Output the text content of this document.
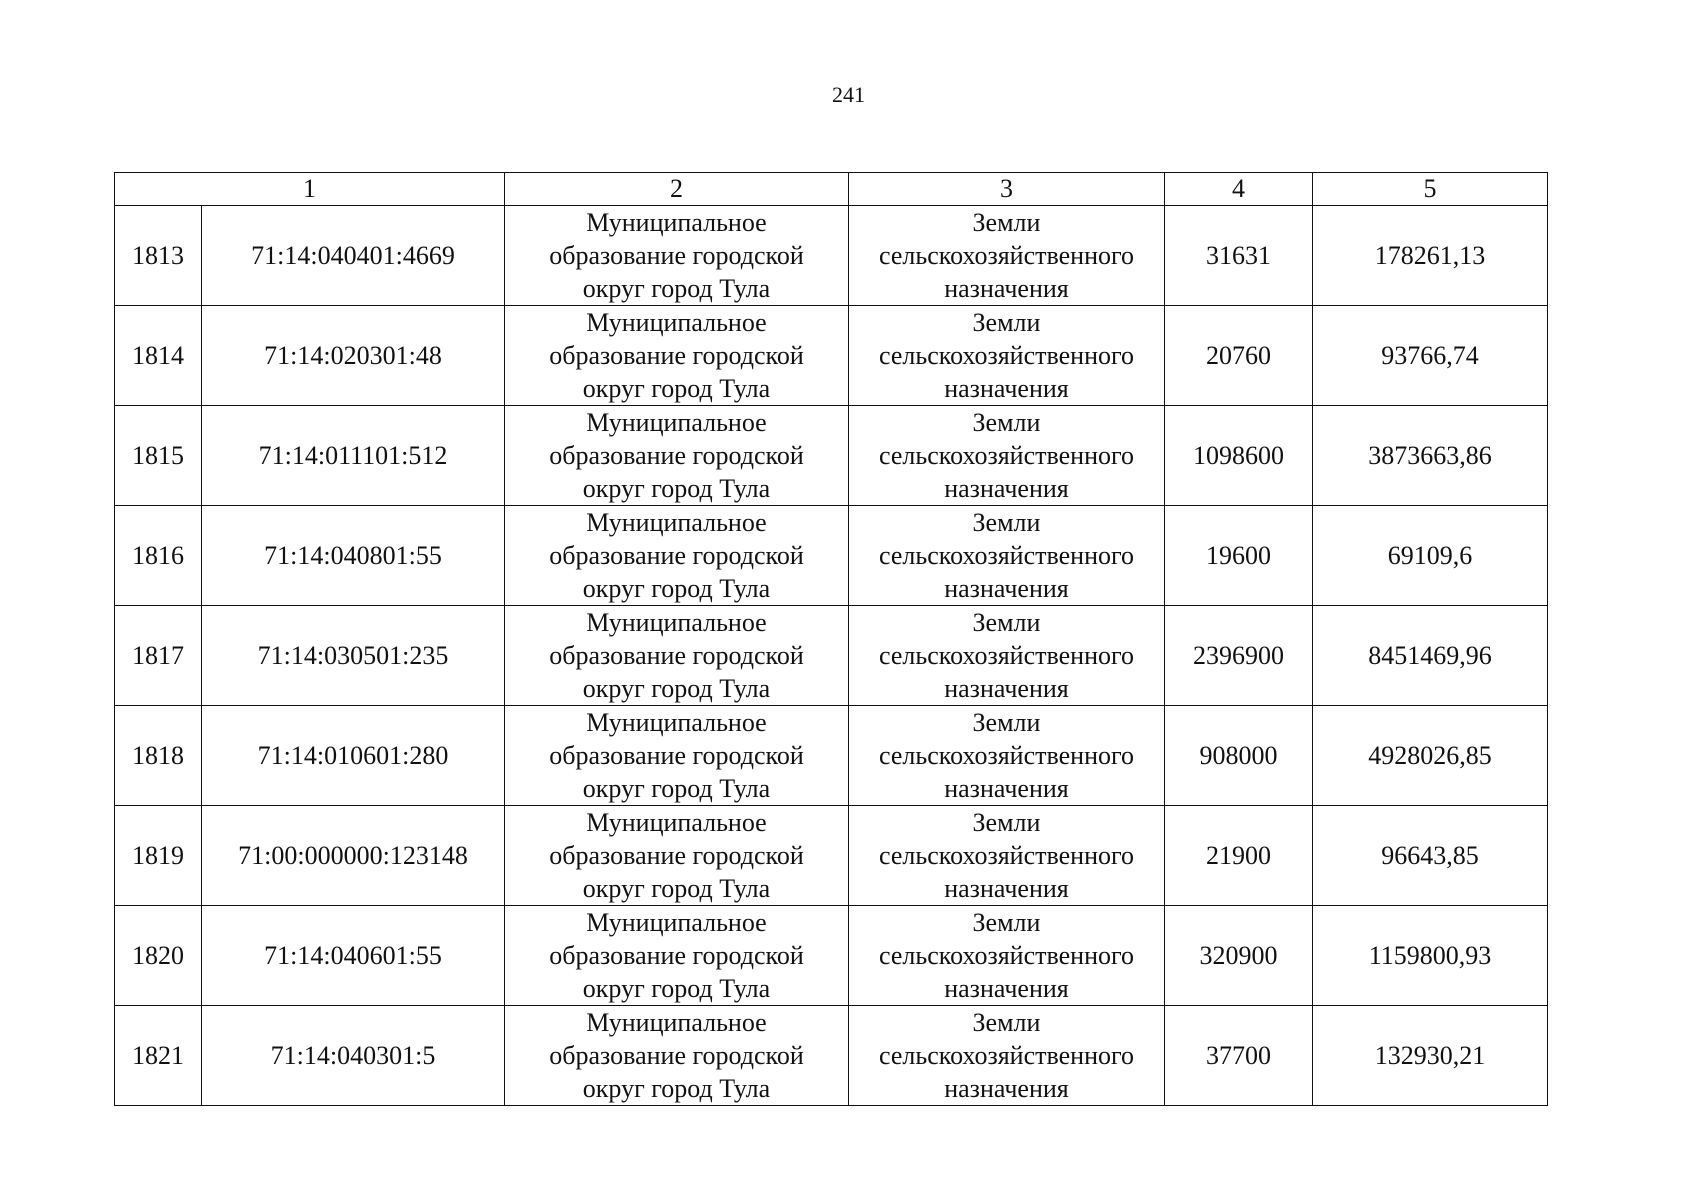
241
1		2	3	4	5
1813	71:14:040401:4669	Муниципальное
образование городской
округ город Тула	Земли
сельскохозяйственного
назначения	31631	178261,13
1814	71:14:020301:48	Муниципальное
образование городской
округ город Тула	Земли
сельскохозяйственного
назначения	20760	93766,74
1815	71:14:011101:512	Муниципальное
образование городской
округ город Тула	Земли
сельскохозяйственного
назначения	1098600	3873663,86
1816	71:14:040801:55	Муниципальное
образование городской
округ город Тула	Земли
сельскохозяйственного
назначения	19600	69109,6
1817	71:14:030501:235	Муниципальное
образование городской
округ город Тула	Земли
сельскохозяйственного
назначения	2396900	8451469,96
1818	71:14:010601:280	Муниципальное
образование городской
округ город Тула	Земли
сельскохозяйственного
назначения	908000	4928026,85
1819	71:00:000000:123148	Муниципальное
образование городской
округ город Тула	Земли
сельскохозяйственного
назначения	21900	96643,85
1820	71:14:040601:55	Муниципальное
образование городской
округ город Тула	Земли
сельскохозяйственного
назначения	320900	1159800,93
1821	71:14:040301:5	Муниципальное
образование городской
округ город Тула	Земли
сельскохозяйственного
назначения	37700	132930,21
